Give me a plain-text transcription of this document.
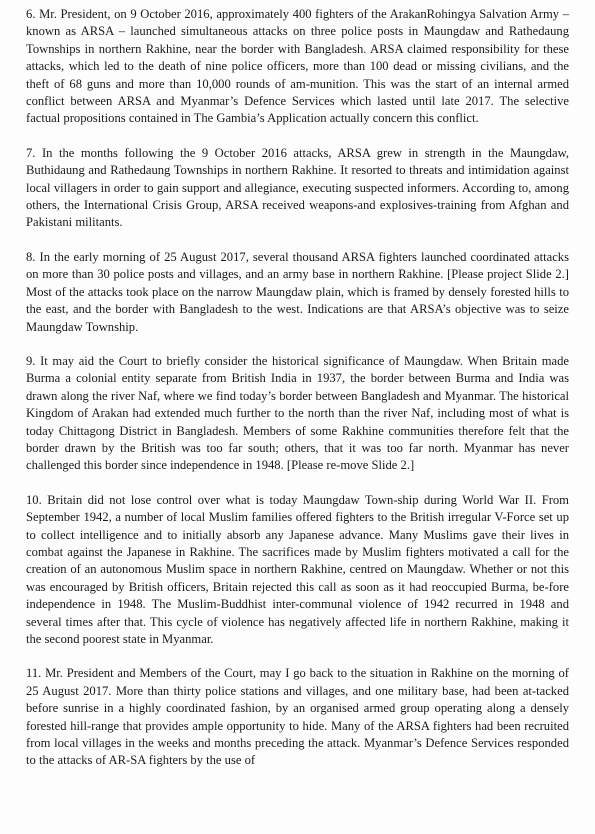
6. Mr. President, on 9 October 2016, approximately 400 fighters of the ArakanRohingya Salvation Army – known as ARSA – launched simultaneous attacks on three police posts in Maungdaw and Rathedaung Townships in northern Rakhine, near the border with Bangladesh. ARSA claimed responsibility for these attacks, which led to the death of nine police officers, more than 100 dead or missing civilians, and the theft of 68 guns and more than 10,000 rounds of am-munition. This was the start of an internal armed conflict between ARSA and Myanmar’s Defence Services which lasted until late 2017. The selective factual propositions contained in The Gambia’s Application actually concern this conflict.

7. In the months following the 9 October 2016 attacks, ARSA grew in strength in the Maungdaw, Buthidaung and Rathedaung Townships in northern Rakhine. It resorted to threats and intimidation against local villagers in order to gain support and allegiance, executing suspected informers. According to, among others, the International Crisis Group, ARSA received weapons-and explosives-training from Afghan and Pakistani militants.

8. In the early morning of 25 August 2017, several thousand ARSA fighters launched coordinated attacks on more than 30 police posts and villages, and an army base in northern Rakhine. [Please project Slide 2.] Most of the attacks took place on the narrow Maungdaw plain, which is framed by densely forested hills to the east, and the border with Bangladesh to the west. Indications are that ARSA’s objective was to seize Maungdaw Township.

9. It may aid the Court to briefly consider the historical significance of Maungdaw. When Britain made Burma a colonial entity separate from British India in 1937, the border between Burma and India was drawn along the river Naf, where we find today’s border between Bangladesh and Myanmar. The historical Kingdom of Arakan had extended much further to the north than the river Naf, including most of what is today Chittagong District in Bangladesh. Members of some Rakhine communities therefore felt that the border drawn by the British was too far south; others, that it was too far north. Myanmar has never challenged this border since independence in 1948. [Please re-move Slide 2.]

10. Britain did not lose control over what is today Maungdaw Town-ship during World War II. From September 1942, a number of local Muslim families offered fighters to the British irregular V-Force set up to collect intelligence and to initially absorb any Japanese advance. Many Muslims gave their lives in combat against the Japanese in Rakhine. The sacrifices made by Muslim fighters motivated a call for the creation of an autonomous Muslim space in northern Rakhine, centred on Maungdaw. Whether or not this was encouraged by British officers, Britain rejected this call as soon as it had reoccupied Burma, be-fore independence in 1948. The Muslim-Buddhist inter-communal violence of 1942 recurred in 1948 and several times after that. This cycle of violence has negatively affected life in northern Rakhine, making it the second poorest state in Myanmar.

11. Mr. President and Members of the Court, may I go back to the situation in Rakhine on the morning of 25 August 2017. More than thirty police stations and villages, and one military base, had been at-tacked before sunrise in a highly coordinated fashion, by an organised armed group operating along a densely forested hill-range that provides ample opportunity to hide. Many of the ARSA fighters had been recruited from local villages in the weeks and months preceding the attack. Myanmar’s Defence Services responded to the attacks of AR-SA fighters by the use of
